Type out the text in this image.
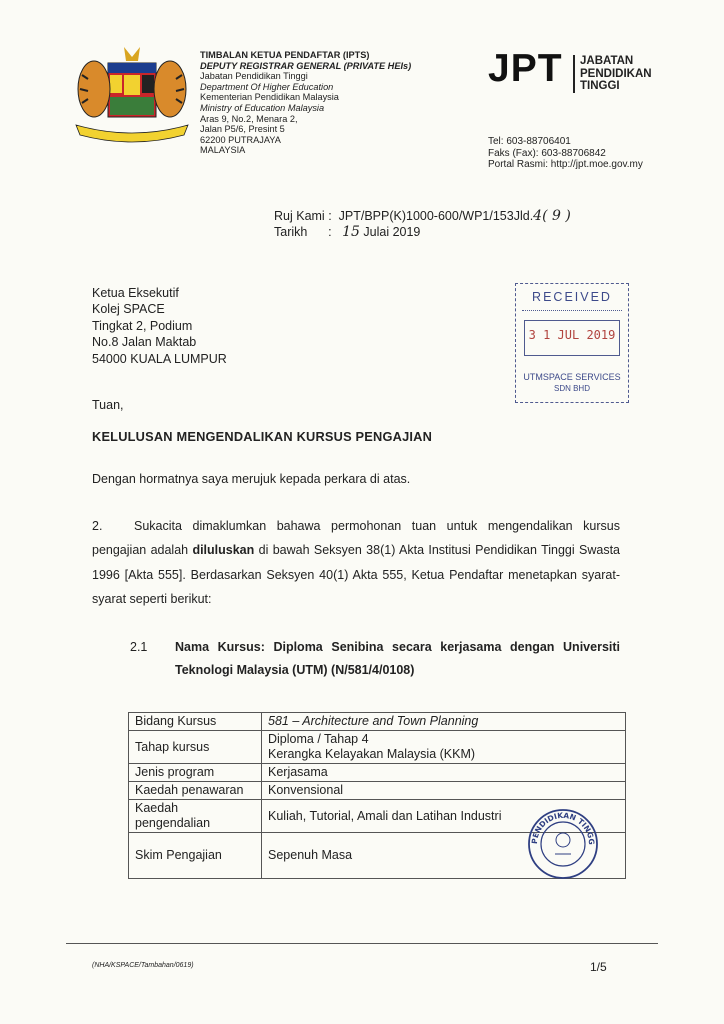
TIMBALAN KETUA PENDAFTAR (IPTS)
DEPUTY REGISTRAR GENERAL (PRIVATE HEIs)
Jabatan Pendidikan Tinggi
Department Of Higher Education
Kementerian Pendidikan Malaysia
Ministry of Education Malaysia
Aras 9, No.2, Menara 2,
Jalan P5/6, Presint 5
62200 PUTRAJAYA
MALAYSIA
JPT JABATAN
PENDIDIKAN
TINGGI
Tel: 603-88706401
Faks (Fax): 603-88706842
Portal Rasmi: http://jpt.moe.gov.my
Ruj Kami :  JPT/BPP(K)1000-600/WP1/153Jld.4( 9 )
Tarikh      :   15 Julai 2019
Ketua Eksekutif
Kolej SPACE
Tingkat 2, Podium
No.8 Jalan Maktab
54000 KUALA LUMPUR
RECEIVED
3 1 JUL 2019
UTMSPACE SERVICES
SDN BHD
Tuan,
KELULUSAN MENGENDALIKAN KURSUS PENGAJIAN
Dengan hormatnya saya merujuk kepada perkara di atas.
2.	Sukacita dimaklumkan bahawa permohonan tuan untuk mengendalikan kursus pengajian adalah diluluskan di bawah Seksyen 38(1) Akta Institusi Pendidikan Tinggi Swasta 1996 [Akta 555]. Berdasarkan Seksyen 40(1) Akta 555, Ketua Pendaftar menetapkan syarat-syarat seperti berikut:
2.1 Nama Kursus: Diploma Senibina secara kerjasama dengan Universiti Teknologi Malaysia (UTM) (N/581/4/0108)
Bidang Kursus	581 – Architecture and Town Planning
Tahap kursus	Diploma / Tahap 4
Kerangka Kelayakan Malaysia (KKM)

Jenis program	Kerjasama
Kaedah penawaran	Konvensional
Kaedah pengendalian	Kuliah, Tutorial, Amali dan Latihan Industri
Skim Pengajian	Sepenuh Masa
PENDIDIKAN TINGG
(NHA/KSPACE/Tambahan/0619)	1/5
